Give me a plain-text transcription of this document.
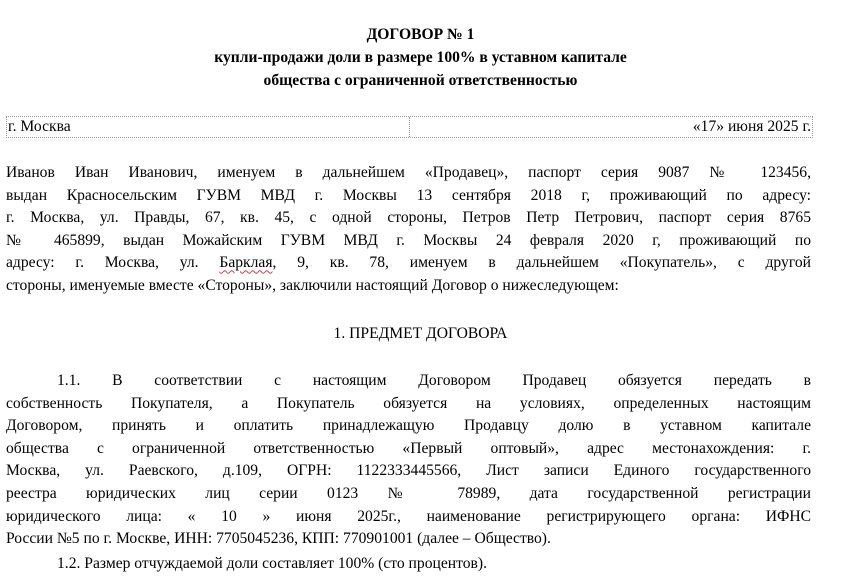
ДОГОВОР № 1
купли-продажи доли в размере 100% в уставном капитале
общества с ограниченной ответственностью
г. Москва	«17» июня 2025 г.
Иванов Иван Иванович, именуем в дальнейшем «Продавец», паспорт серия 9087 № 123456,
выдан Красносельским ГУВМ МВД г. Москвы 13 сентября 2018 г, проживающий по адресу:
г. Москва, ул. Правды, 67, кв. 45, с одной стороны, Петров Петр Петрович, паспорт серия 8765
№ 465899, выдан Можайским ГУВМ МВД г. Москвы 24 февраля 2020 г, проживающий по
адресу: г. Москва, ул. Барклая, 9, кв. 78, именуем в дальнейшем «Покупатель», с другой
стороны, именуемые вместе «Стороны», заключили настоящий Договор о нижеследующем:
1. ПРЕДМЕТ ДОГОВОРА
1.1. В соответствии с настоящим Договором Продавец обязуется передать в
собственность Покупателя, а Покупатель обязуется на условиях, определенных настоящим
Договором, принять и оплатить принадлежащую Продавцу долю в уставном капитале
общества с ограниченной ответственностью «Первый оптовый», адрес местонахождения: г.
Москва, ул. Раевского, д.109, ОГРН: 1122333445566, Лист записи Единого государственного
реестра юридических лиц серии 0123 № 78989, дата государственной регистрации
юридического лица: « 10 » июня 2025г., наименование регистрирующего органа: ИФНС
России №5 по г. Москве, ИНН: 7705045236, КПП: 770901001 (далее – Общество).
1.2. Размер отчуждаемой доли составляет 100% (сто процентов).
